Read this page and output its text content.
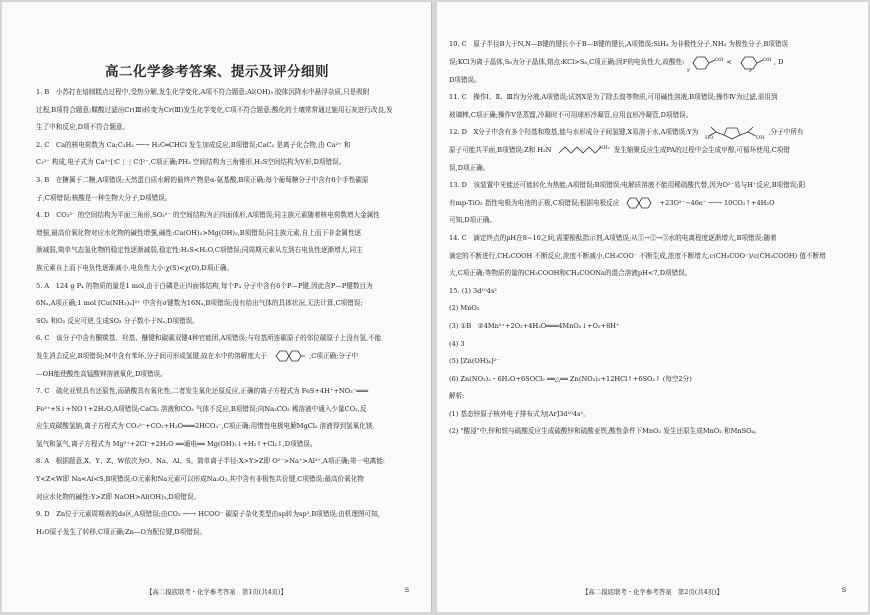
高二化学参考答案、提示及评分细则

1. B　小苏打在焙制糕点过程中,受热分解,发生化学变化,A项不符合题意;Al(OH)₃ 胶体沉降水中悬浮杂质,只是吸附

过程,B项符合题意;鞣酸过滤出Cr(Ⅲ)转变为Cr(Ⅲ)发生化学变化,C项不符合题意;酸化的土壤常常通过施用石灰进行改良,发

生了中和反应,D项不符合题意。

2. C　Ca的核电荷数为 Ca;C₂H₂ ──→ H₂C═CHCl 发生加成反应,B项错误;CaC₂ 是离子化合物,由 Ca²⁺ 和

C₂²⁻ 构成,电子式为 Ca²⁺[∶C⋮⋮C∶]²⁻,C项正确;PH₃ 空间结构为三角锥形,H₂S空间结构为V形,D项错误。

3. B　在糖属于二糖,A项错误;天然蛋白质水解的最终产物是α-氨基酸,B项正确;每个葡萄糖分子中含有6个手性碳原

子,C项错误;核酸是一种生物大分子,D项错误。

4. D　CO₃²⁻ 的空间结构为平面三角形,SO₃²⁻ 的空间结构为正四面体形,A项错误;同主族元素随着核电荷数增大金属性

增强,最高价氧化物对应水化物的碱性增强,碱性:Ca(OH)₂>Mg(OH)₂,B项错误;同主族元素,自上而下非金属性逐

渐减弱,简单气态氢化物的稳定性逐渐减弱,稳定性:H₂S<H₂O,C项错误;同周期元素从左到右电负性逐渐增大,同主

族元素自上而下电负性逐渐减小,电负性大小:χ(S)<χ(O),D项正确。

5. A　124 g P₄ 的物质的量是1 mol,由于白磷是正四面体结构,每个P₄ 分子中含有6个P—P键,因此含P—P键数目为

6Nₐ,A项正确;1 mol [Cu(NH₃)₄]²⁺ 中含有σ键数为16Nₐ,B项错误;没有给出气体的具体状况,无法计算,C项错误;

SO₂ 和O₂ 反应可逆,生成SO₃ 分子数小于Nₐ,D项错误。

6. C　该分子中含有酮羰基、羟基、醚键和碳碳双键4种官能团,A项错误;与羟基所连碳原子的邻位碳原子上没有氢,不能

发生消去反应,B项错误;M中含有苯环,分子间可形成氢键,故在水中的溶解度大于	,C项正确;分子中

—OH能使酸性高锰酸钾溶液氧化,D项错误。

7. C　硫化亚铁具有还原性,而硝酸具有氧化性,二者发生氧化还原反应,正确的离子方程式为 FeS+4H⁺+NO₃⁻═══

Fe³⁺+S↓+NO↑+2H₂O,A项错误;CaCl₂ 溶液和CO₂ 气体不反应,B项错误;向Na₂CO₃ 稀溶液中通入少量CO₂,反

应生成碳酸氢钠,离子方程式为 CO₃²⁻+CO₂+H₂O═══2HCO₃⁻,C项正确;用惰性电极电解MgCl₂ 溶液得到氢氧化镁、

氢气和氯气,离子方程式为 Mg²⁺+2Cl⁻+2H₂O ══通电══ Mg(OH)₂↓+H₂↑+Cl₂↑,D项错误。

8. A　根据题意,X、Y、Z、W依次为O、Na、Al、S。简单离子半径:X>Y>Z即 O²⁻>Na⁺>Al³⁺,A项正确;第一电离能:

Y<Z<W即 Na<Al<S,B项错误;O元素和Na元素可以形成Na₂O₂,其中含有非极性共价键,C项错误;最高价氧化物

对应水化物的碱性:Y>Z即 NaOH>Al(OH)₃,D项错误。

9. D　Zn位于元素周期表的ds区,A项错误;由CO₂ ──→ HCOO⁻ 碳原子杂化类型由sp转为sp²,B项错误;由机理图可知,

H₂O原子发生了转移,C项正确;Zn—O为配位键,D项错误。

【高二摸底联考・化学参考答案　第1页(共4页)】	S

10. C　原子半径B大于N,N—B键的键长小于B—B键的键长,A项错误;SiH₄ 为非极性分子,NH₃ 为极性分子,B项错误

误;KCl为离子晶体,S₈为分子晶体,熔点:KCl>S₈,C项正确;因F的电负性大,故酸性:	OH
F
<	OH
F
, D

D项错误。

11. C　操作Ⅰ、Ⅱ、Ⅲ均为分液,A项错误;试剂X是为了除去溴等物质,可用碱性溶液,B项错误;操作Ⅳ为过滤,需用到

玻璃棒,C项正确;操作Ⅴ是蒸馏,冷凝时不可用球形冷凝管,应用直形冷凝管,D项错误。

12. D　X分子中含有多个羟基和羧基,能与水形成分子间氢键,X易溶于水,A项错误;Y为
HO	OH
,分子中所有

原子可能共平面,B项错误;Z和 H₂N	NH₂ 发生缩聚反应生成PA的过程中会生成甲醇,可循环使用,C项错

误,D项正确。

13. D　该装置中光能还可能转化为热能,A项错误;B项错误;电解质溶液不能用稀硫酸代替,因为O²⁻易与H⁺反应,B项错误;阳

有mp-TiO₂ 指性电极为电池的正极,C项错误;根据电极反应	+23O²⁻−46e⁻ ──→ 10CO₂↑+4H₂O

可知,D项正确。

14. C　滴定终点的pH在8~10之间,需要酚酞指示剂,A项错误;从①→②→③水的电离程度逐渐增大,B项错误;随着

滴定的不断进行,CH₃COOH 不断反应,浓度不断减小,CH₃COO⁻ 不断生成,浓度不断增大,c(CH₃COO⁻)/c(CH₃COOH) 值不断增

大,C项正确;等物质的量的CH₃COOH和CH₃COONa的混合溶液pH<7,D项错误。

15. (1) 3d¹⁰4s²

(2) MnO₂

(3) ①B　②4Mn²⁺+2O₂+4H₂O═══4MnO₂↓+O₂+8H⁺

(4) 3

(5) [Zn(OH)₄]²⁻

(6) Zn(NO₃)₂・6H₂O+6SOCl₂ ══△══ Zn(NO₃)₂+12HCl↑+6SO₂↑ (每空2分)

解析:

(1) 基态锌原子核外电子排布式为[Ar]3d¹⁰4s²。

(2) "酸浸"中,锌和铁与硫酸反应生成硫酸锌和硫酸亚铁,酸性条件下MnO₂ 发生还原生成MnO₂ 和MnSO₄。

【高二摸底联考・化学参考答案　第2页(共4页)】	S
